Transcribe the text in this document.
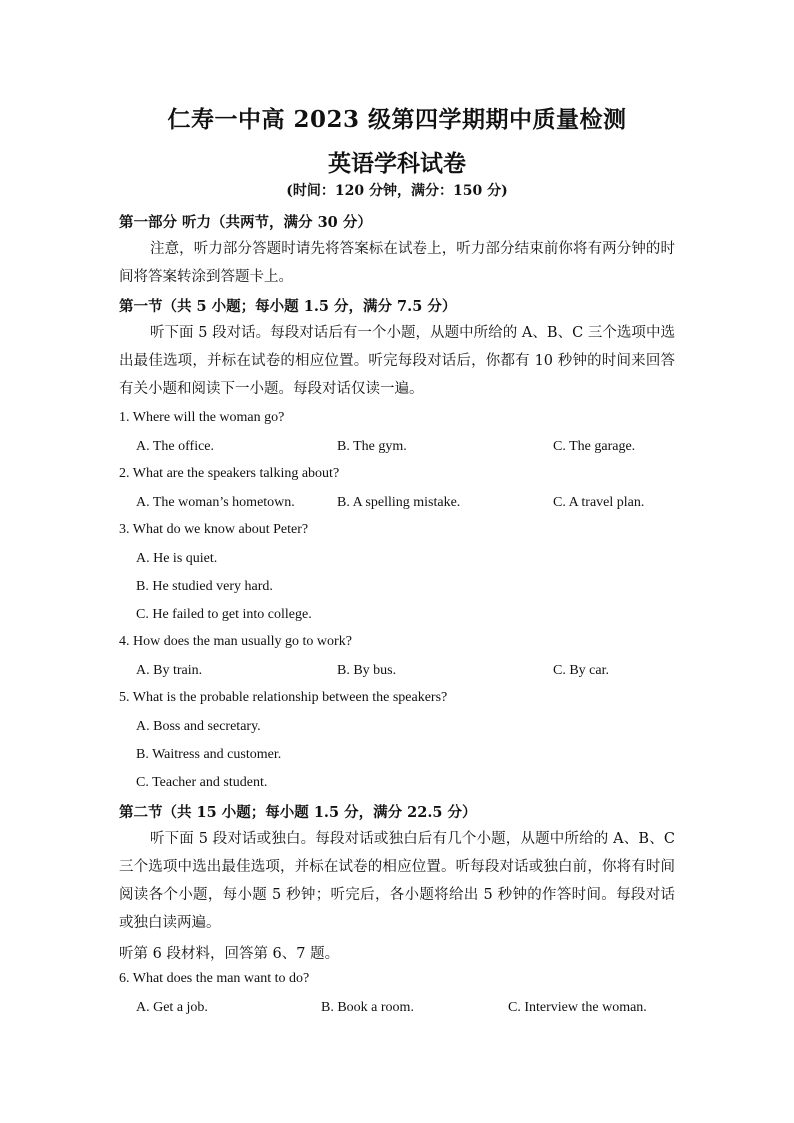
仁寿一中高 2023 级第四学期期中质量检测
英语学科试卷
(时间：120 分钟，满分：150 分)
第一部分 听力（共两节，满分 30 分）
注意，听力部分答题时请先将答案标在试卷上，听力部分结束前你将有两分钟的时间将答案转涂到答题卡上。
第一节（共 5 小题；每小题 1.5 分，满分 7.5 分）
听下面 5 段对话。每段对话后有一个小题，从题中所给的 A、B、C 三个选项中选出最佳选项，并标在试卷的相应位置。听完每段对话后，你都有 10 秒钟的时间来回答有关小题和阅读下一小题。每段对话仅读一遍。
1. Where will the woman go?
A. The office.	B. The gym.	C. The garage.
2. What are the speakers talking about?
A. The woman’s hometown.	B. A spelling mistake.	C. A travel plan.
3. What do we know about Peter?
A. He is quiet.
B. He studied very hard.
C. He failed to get into college.
4. How does the man usually go to work?
A. By train.	B. By bus.	C. By car.
5. What is the probable relationship between the speakers?
A. Boss and secretary.
B. Waitress and customer.
C. Teacher and student.
第二节（共 15 小题；每小题 1.5 分，满分 22.5 分）
听下面 5 段对话或独白。每段对话或独白后有几个小题，从题中所给的 A、B、C 三个选项中选出最佳选项，并标在试卷的相应位置。听每段对话或独白前，你将有时间阅读各个小题，每小题 5 秒钟；听完后，各小题将给出 5 秒钟的作答时间。每段对话或独白读两遍。
听第 6 段材料，回答第 6、7 题。
6. What does the man want to do?
A. Get a job.	B. Book a room.	C. Interview the woman.
